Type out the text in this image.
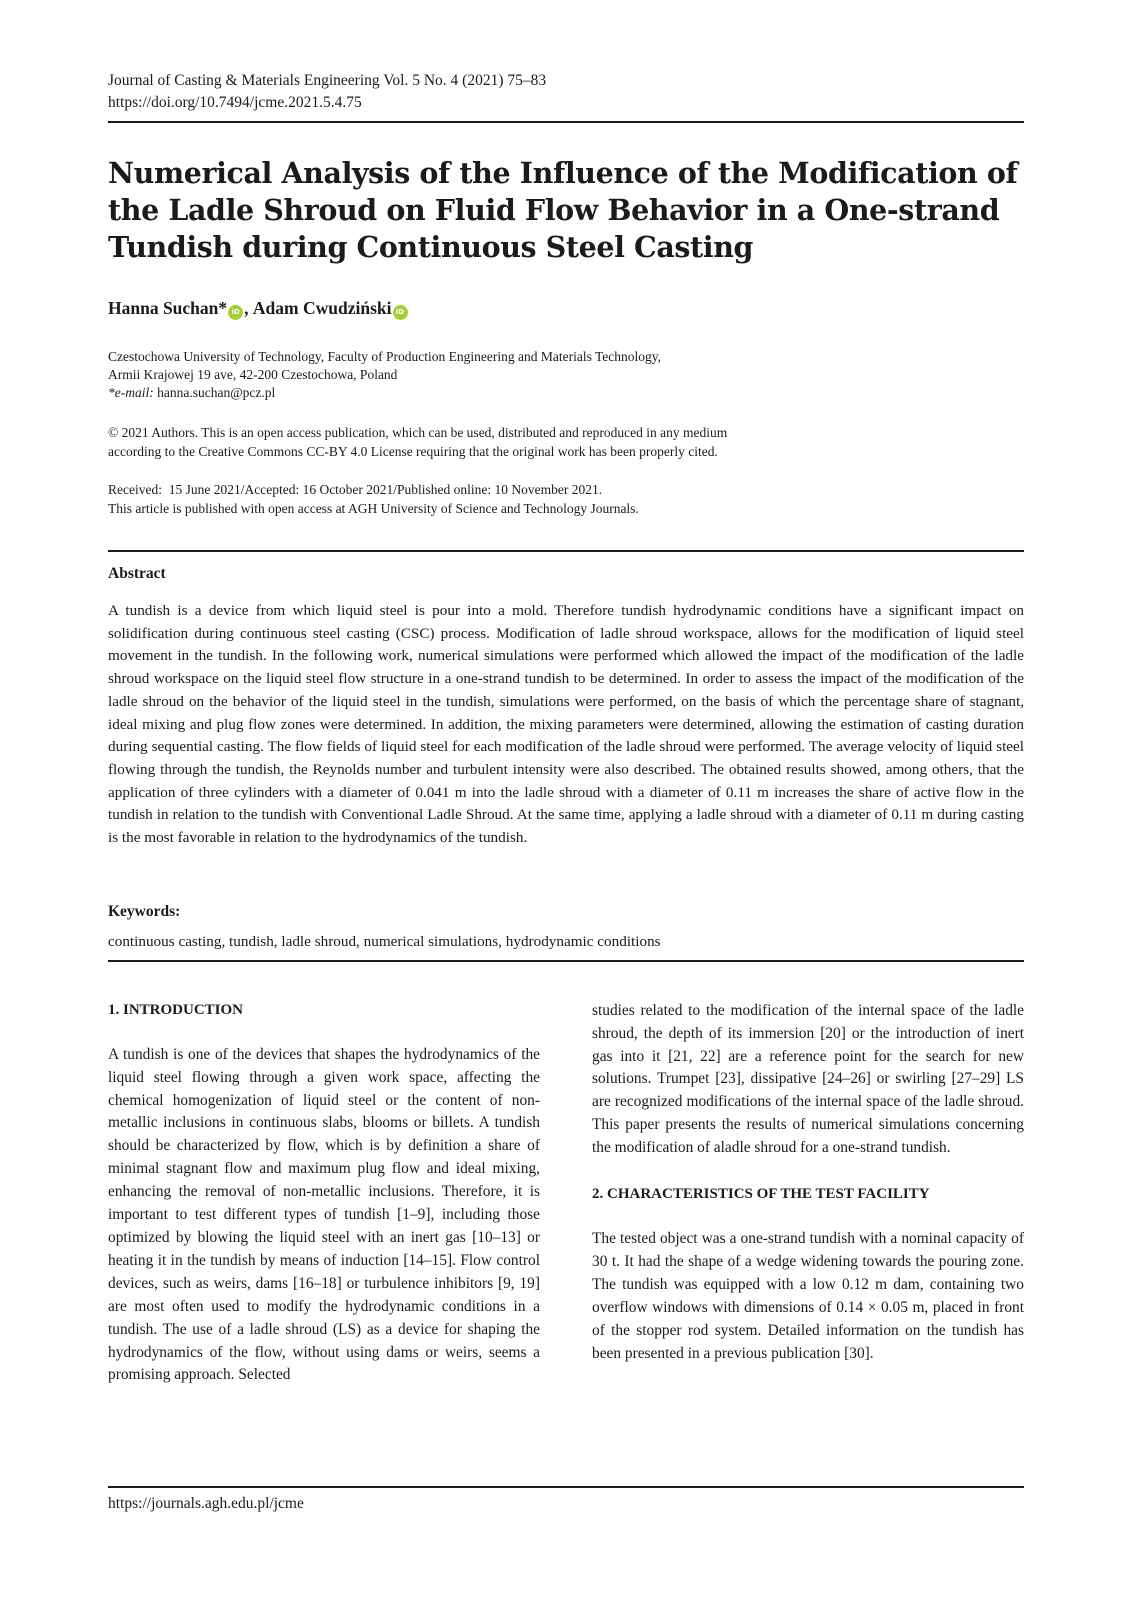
Journal of Casting & Materials Engineering Vol. 5 No. 4 (2021) 75–83
https://doi.org/10.7494/jcme.2021.5.4.75
Numerical Analysis of the Influence of the Modification of the Ladle Shroud on Fluid Flow Behavior in a One-strand Tundish during Continuous Steel Casting
Hanna Suchan* iD , Adam Cwudziński iD
Czestochowa University of Technology, Faculty of Production Engineering and Materials Technology,
Armii Krajowej 19 ave, 42-200 Czestochowa, Poland
*e-mail: hanna.suchan@pcz.pl
© 2021 Authors. This is an open access publication, which can be used, distributed and reproduced in any medium
according to the Creative Commons CC-BY 4.0 License requiring that the original work has been properly cited.
Received:  15 June 2021/Accepted: 16 October 2021/Published online: 10 November 2021.
This article is published with open access at AGH University of Science and Technology Journals.
Abstract
A tundish is a device from which liquid steel is pour into a mold. Therefore tundish hydrodynamic conditions have a significant impact on solidification during continuous steel casting (CSC) process. Modification of ladle shroud workspace, allows for the modification of liquid steel movement in the tundish. In the following work, numerical simulations were performed which allowed the impact of the modification of the ladle shroud workspace on the liquid steel flow structure in a one-strand tundish to be determined. In order to assess the impact of the modification of the ladle shroud on the behavior of the liquid steel in the tundish, simulations were performed, on the basis of which the percentage share of stagnant, ideal mixing and plug flow zones were determined. In addition, the mixing parameters were determined, allowing the estimation of casting duration during sequential casting. The flow fields of liquid steel for each modification of the ladle shroud were performed. The average velocity of liquid steel flowing through the tundish, the Reynolds number and turbulent intensity were also described. The obtained results showed, among others, that the application of three cylinders with a diameter of 0.041 m into the ladle shroud with a diameter of 0.11 m increases the share of active flow in the tundish in relation to the tundish with Conventional Ladle Shroud. At the same time, applying a ladle shroud with a diameter of 0.11 m during casting is the most favorable in relation to the hydrodynamics of the tundish.
Keywords:
continuous casting, tundish, ladle shroud, numerical simulations, hydrodynamic conditions
1. INTRODUCTION

A tundish is one of the devices that shapes the hydrodynamics of the liquid steel flowing through a given work space, affecting the chemical homogenization of liquid steel or the content of non-metallic inclusions in continuous slabs, blooms or billets. A tundish should be characterized by flow, which is by definition a share of minimal stagnant flow and maximum plug flow and ideal mixing, enhancing the removal of non-metallic inclusions. Therefore, it is important to test different types of tundish [1–9], including those optimized by blowing the liquid steel with an inert gas [10–13] or heating it in the tundish by means of induction [14–15]. Flow control devices, such as weirs, dams [16–18] or turbulence inhibitors [9, 19] are most often used to modify the hydrodynamic conditions in a tundish. The use of a ladle shroud (LS) as a device for shaping the hydrodynamics of the flow, without using dams or weirs, seems a promising approach. Selected

studies related to the modification of the internal space of the ladle shroud, the depth of its immersion [20] or the introduction of inert gas into it [21, 22] are a reference point for the search for new solutions. Trumpet [23], dissipative [24–26] or swirling [27–29] LS are recognized modifications of the internal space of the ladle shroud. This paper presents the results of numerical simulations concerning the modification of aladle shroud for a one-strand tundish.

2. CHARACTERISTICS OF THE TEST FACILITY

The tested object was a one-strand tundish with a nominal capacity of 30 t. It had the shape of a wedge widening towards the pouring zone. The tundish was equipped with a low 0.12 m dam, containing two overflow windows with dimensions of 0.14 × 0.05 m, placed in front of the stopper rod system. Detailed information on the tundish has been presented in a previous publication [30].

https://journals.agh.edu.pl/jcme
